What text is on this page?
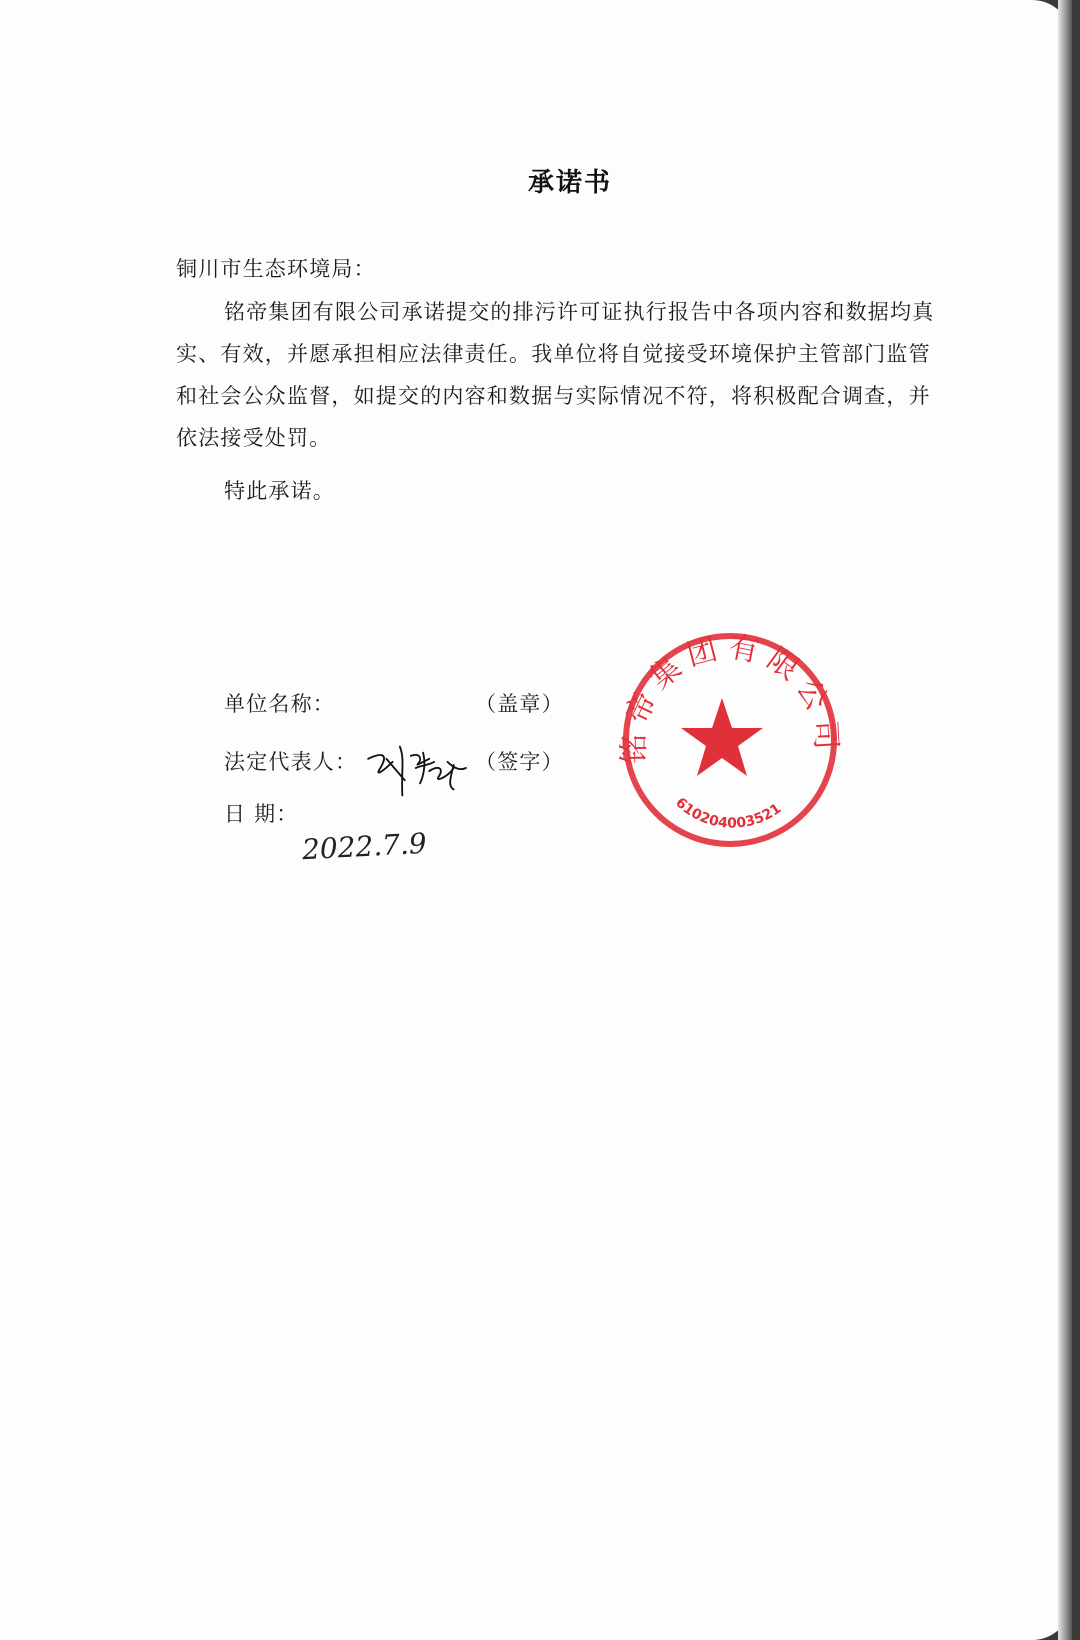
承诺书
铜川市生态环境局：
铭帝集团有限公司承诺提交的排污许可证执行报告中各项内容和数据均真
实、有效，并愿承担相应法律责任。我单位将自觉接受环境保护主管部门监管
和社会公众监督，如提交的内容和数据与实际情况不符，将积极配合调查，并
依法接受处罚。
特此承诺。
铭帝集团有限公司
610204003521
单位名称：	（盖章）
法定代表人：	（签字）
日 期：
2022.7.9
